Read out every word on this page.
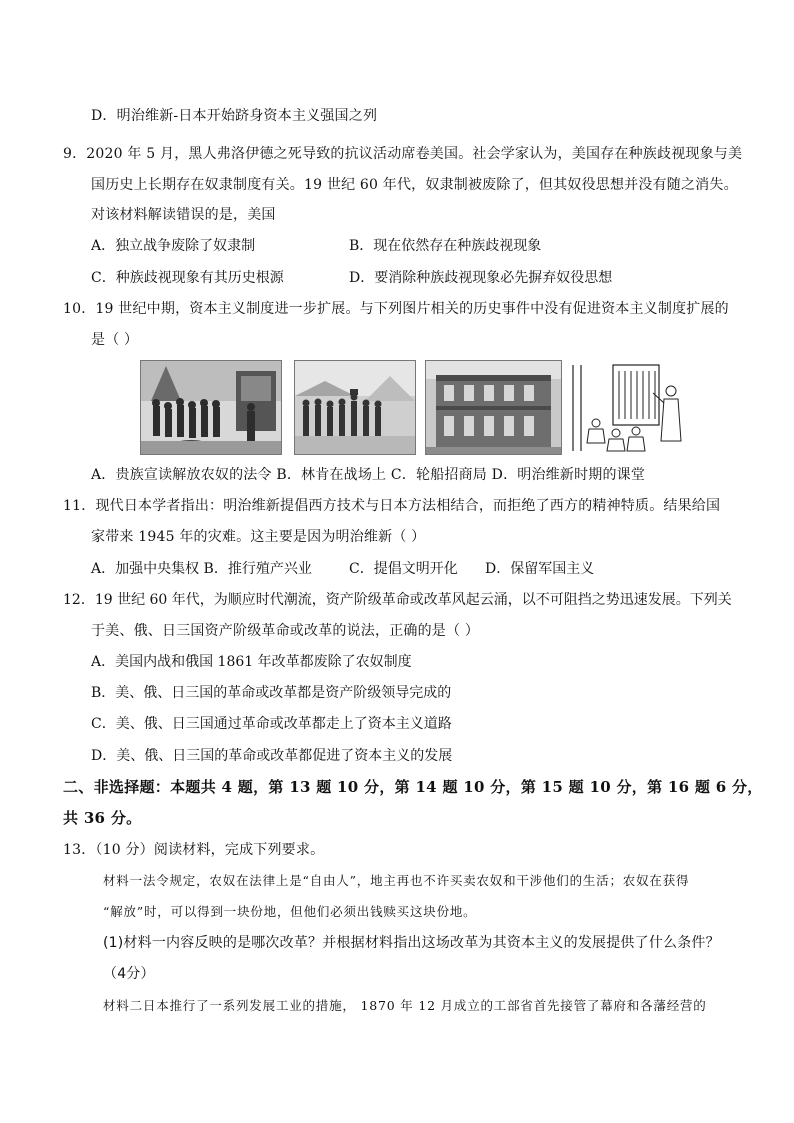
D．明治维新-日本开始跻身资本主义强国之列
9．2020 年 5 月，黑人弗洛伊德之死导致的抗议活动席卷美国。社会学家认为，美国存在种族歧视现象与美
国历史上长期存在奴隶制度有关。19 世纪 60 年代，奴隶制被废除了，但其奴役思想并没有随之消失。
对该材料解读错误的是，美国
A．独立战争废除了奴隶制	B．现在依然存在种族歧视现象
C．种族歧视现象有其历史根源	D．要消除种族歧视现象必先摒弃奴役思想
10．19 世纪中期，资本主义制度进一步扩展。与下列图片相关的历史事件中没有促进资本主义制度扩展的
是（ ）
A．贵族宣读解放农奴的法令 B．林肯在战场上 C．轮船招商局 D．明治维新时期的课堂
11．现代日本学者指出：明治维新提倡西方技术与日本方法相结合，而拒绝了西方的精神特质。结果给国
家带来 1945 年的灾难。这主要是因为明治维新（ ）
A．加强中央集权 B．推行殖产兴业	C．提倡文明开化 D．保留军国主义
12．19 世纪 60 年代，为顺应时代潮流，资产阶级革命或改革风起云涌，以不可阻挡之势迅速发展。下列关
于美、俄、日三国资产阶级革命或改革的说法，正确的是（ ）
A．美国内战和俄国 1861 年改革都废除了农奴制度
B．美、俄、日三国的革命或改革都是资产阶级领导完成的
C．美、俄、日三国通过革命或改革都走上了资本主义道路
D．美、俄、日三国的革命或改革都促进了资本主义的发展
二、非选择题：本题共 4 题，第 13 题 10 分，第 14 题 10 分，第 15 题 10 分，第 16 题 6 分，
共 36 分。
13．（10 分）阅读材料，完成下列要求。
材料一法令规定，农奴在法律上是“自由人”，地主再也不许买卖农奴和干涉他们的生活；农奴在获得
“解放”时，可以得到一块份地，但他们必须出钱赎买这块份地。
(1)材料一内容反映的是哪次改革？并根据材料指出这场改革为其资本主义的发展提供了什么条件？
（4分）
材料二日本推行了一系列发展工业的措施， 1870 年 12 月成立的工部省首先接管了幕府和各藩经营的
